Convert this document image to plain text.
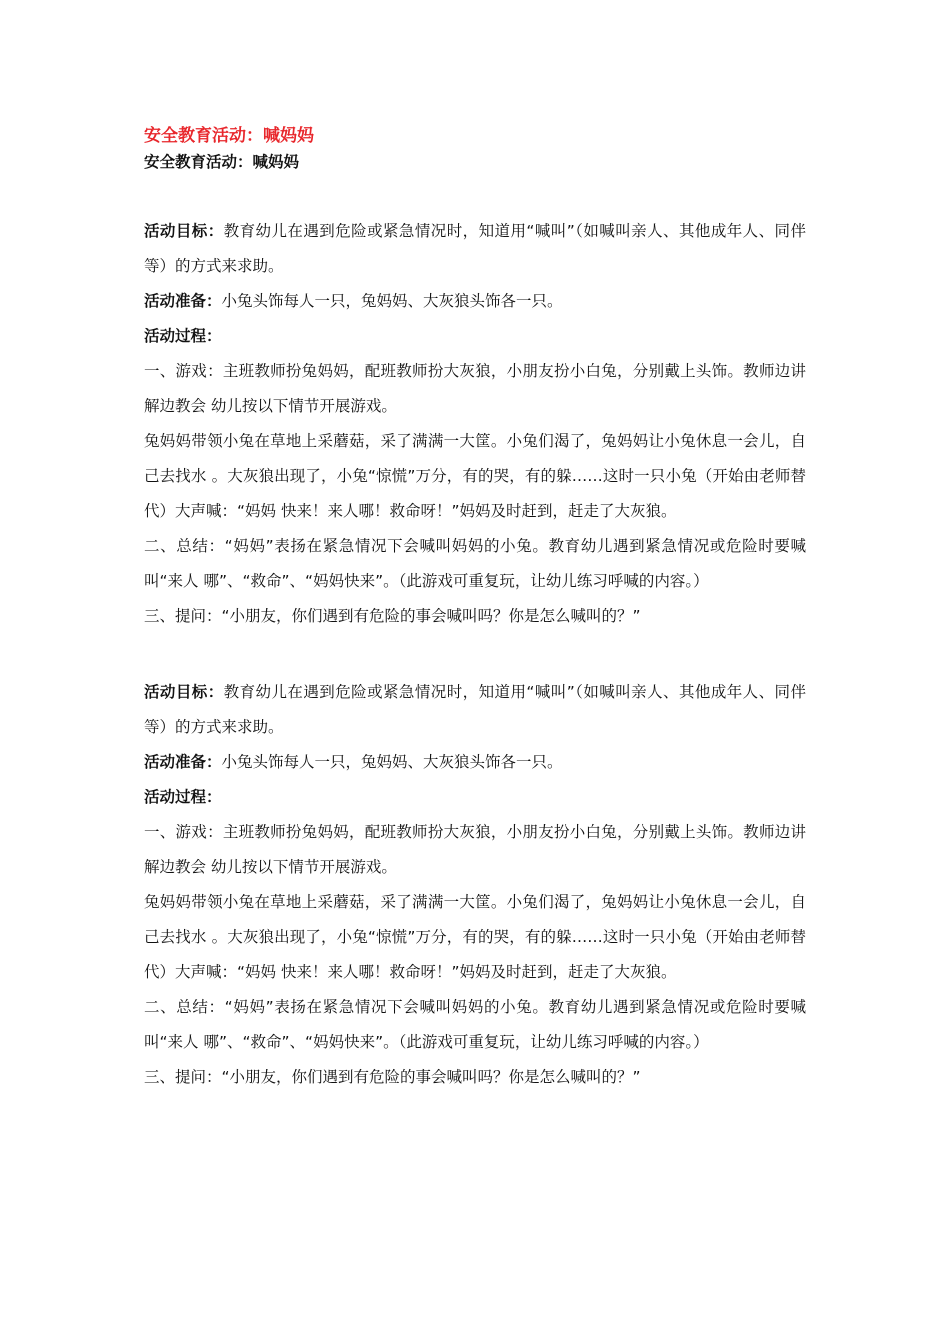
安全教育活动：喊妈妈
安全教育活动：喊妈妈

活动目标：教育幼儿在遇到危险或紧急情况时，知道用“喊叫”（如喊叫亲人、其他成年人、同伴等）的方式来求助。

活动准备：小兔头饰每人一只，兔妈妈、大灰狼头饰各一只。

活动过程：

一、游戏：主班教师扮兔妈妈，配班教师扮大灰狼，小朋友扮小白兔，分别戴上头饰。教师边讲解边教会 幼儿按以下情节开展游戏。

兔妈妈带领小兔在草地上采蘑菇，采了满满一大筐。小兔们渴了，兔妈妈让小兔休息一会儿，自己去找水 。大灰狼出现了，小兔“惊慌”万分，有的哭，有的躲……这时一只小兔（开始由老师替代）大声喊：“妈妈 快来！来人哪！救命呀！”妈妈及时赶到，赶走了大灰狼。

二、总结：“妈妈”表扬在紧急情况下会喊叫妈妈的小兔。教育幼儿遇到紧急情况或危险时要喊叫“来人 哪”、“救命”、“妈妈快来”。（此游戏可重复玩，让幼儿练习呼喊的内容。）

三、提问：“小朋友，你们遇到有危险的事会喊叫吗？你是怎么喊叫的？”

活动目标：教育幼儿在遇到危险或紧急情况时，知道用“喊叫”（如喊叫亲人、其他成年人、同伴等）的方式来求助。

活动准备：小兔头饰每人一只，兔妈妈、大灰狼头饰各一只。

活动过程：

一、游戏：主班教师扮兔妈妈，配班教师扮大灰狼，小朋友扮小白兔，分别戴上头饰。教师边讲解边教会 幼儿按以下情节开展游戏。

兔妈妈带领小兔在草地上采蘑菇，采了满满一大筐。小兔们渴了，兔妈妈让小兔休息一会儿，自己去找水 。大灰狼出现了，小兔“惊慌”万分，有的哭，有的躲……这时一只小兔（开始由老师替代）大声喊：“妈妈 快来！来人哪！救命呀！”妈妈及时赶到，赶走了大灰狼。

二、总结：“妈妈”表扬在紧急情况下会喊叫妈妈的小兔。教育幼儿遇到紧急情况或危险时要喊叫“来人 哪”、“救命”、“妈妈快来”。（此游戏可重复玩，让幼儿练习呼喊的内容。）

三、提问：“小朋友，你们遇到有危险的事会喊叫吗？你是怎么喊叫的？”
